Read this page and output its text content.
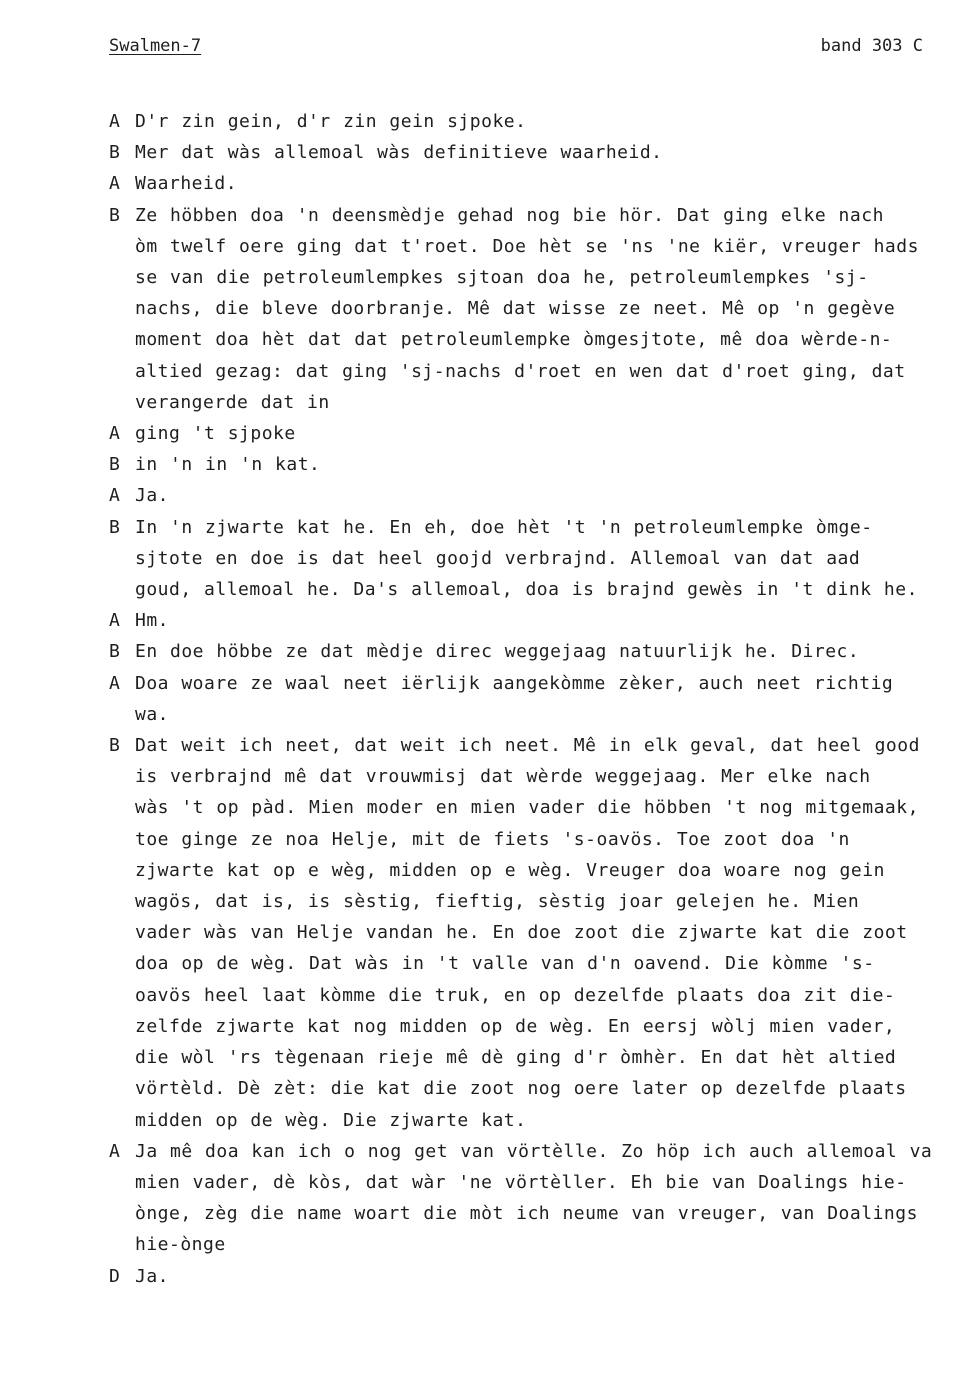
Swalmen-7	band 303 C
A D'r zin gein, d'r zin gein sjpoke.
B Mer dat wàs allemoal wàs definitieve waarheid.
A Waarheid.
B Ze höbben doa 'n deensmèdje gehad nog bie hör. Dat ging elke nach
òm twelf oere ging dat t'roet. Doe hèt se 'ns 'ne kiër, vreuger hads
se van die petroleumlempkes sjtoan doa he, petroleumlempkes 'sj-
nachs, die bleve doorbranje. Mê dat wisse ze neet. Mê op 'n gegève
moment doa hèt dat dat petroleumlempke òmgesjtote, mê doa wèrde-n-
altied gezag: dat ging 'sj-nachs d'roet en wen dat d'roet ging, dat
verangerde dat in
A ging 't sjpoke
B in 'n in 'n kat.
A Ja.
B In 'n zjwarte kat he. En eh, doe hèt 't 'n petroleumlempke òmge-
sjtote en doe is dat heel goojd verbrajnd. Allemoal van dat aad
goud, allemoal he. Da's allemoal, doa is brajnd gewès in 't dink he.
A Hm.
B En doe höbbe ze dat mèdje direc weggejaag natuurlijk he. Direc.
A Doa woare ze waal neet iërlijk aangekòmme zèker, auch neet richtig
wa.
B Dat weit ich neet, dat weit ich neet. Mê in elk geval, dat heel good
is verbrajnd mê dat vrouwmisj dat wèrde weggejaag. Mer elke nach
wàs 't op pàd. Mien moder en mien vader die höbben 't nog mitgemaak,
toe ginge ze noa Helje, mit de fiets 's-oavös. Toe zoot doa 'n
zjwarte kat op e wèg, midden op e wèg. Vreuger doa woare nog gein
wagös, dat is, is sèstig, fieftig, sèstig joar gelejen he. Mien
vader wàs van Helje vandan he. En doe zoot die zjwarte kat die zoot
doa op de wèg. Dat wàs in 't valle van d'n oavend. Die kòmme 's-
oavös heel laat kòmme die truk, en op dezelfde plaats doa zit die-
zelfde zjwarte kat nog midden op de wèg. En eersj wòlj mien vader,
die wòl 'rs tègenaan rieje mê dè ging d'r òmhèr. En dat hèt altied
vörtèld. Dè zèt: die kat die zoot nog oere later op dezelfde plaats
midden op de wèg. Die zjwarte kat.
A Ja mê doa kan ich o nog get van vörtèlle. Zo höp ich auch allemoal va
mien vader, dè kòs, dat wàr 'ne vörtèller. Eh bie van Doalings hie-
ònge, zèg die name woart die mòt ich neume van vreuger, van Doalings
hie-ònge
D Ja.
